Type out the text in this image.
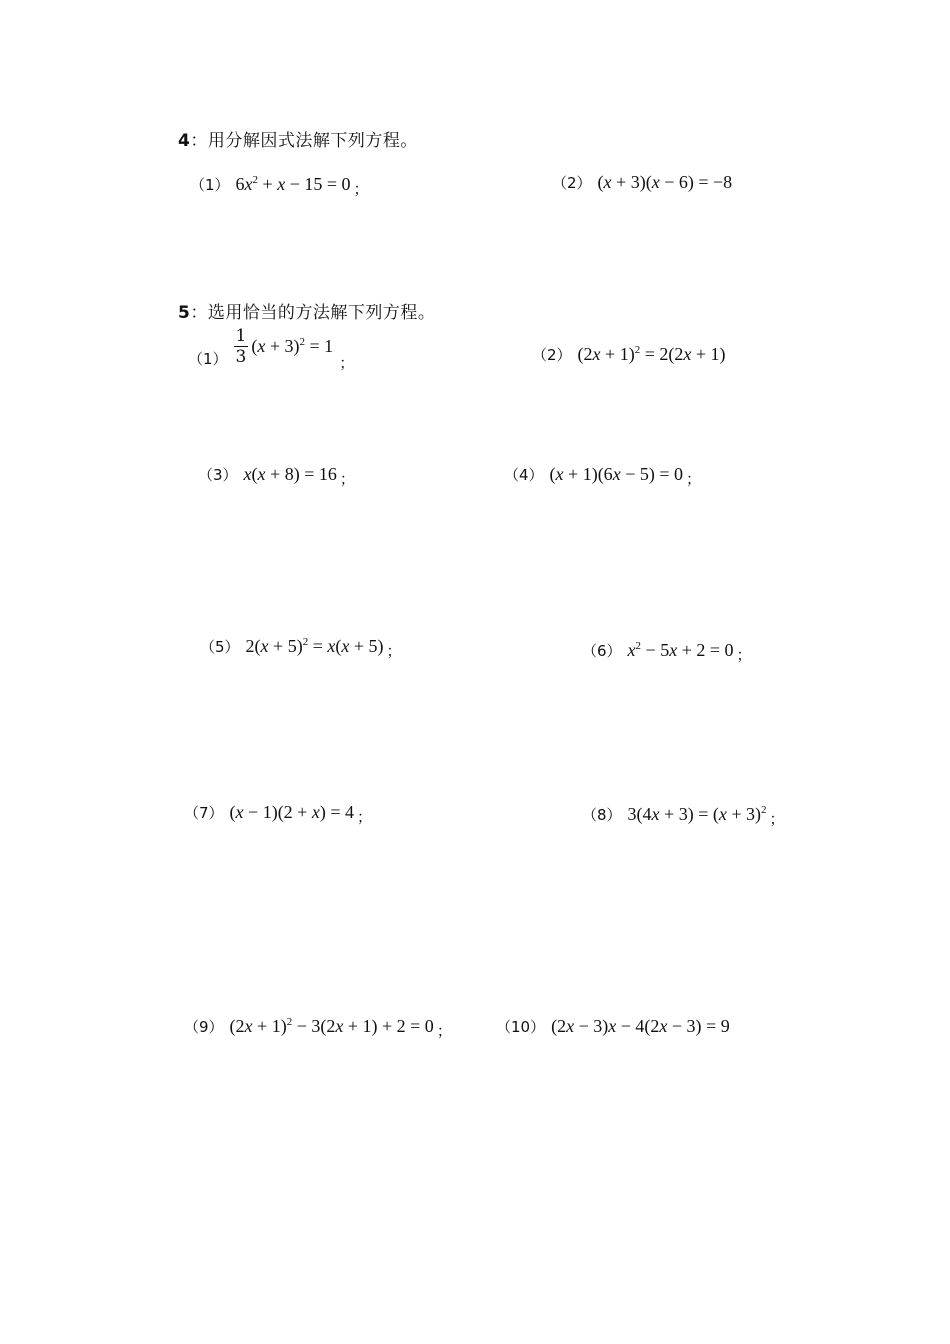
4：用分解因式法解下列方程。
（1） $6x^2 + x - 15 = 0$ ；	（2） (x + 3)(x − 6) = −8
5：选用恰当的方法解下列方程。
$(1) \frac{1}{3} (x + 3)^2 = 1$
；	（2） $(2x + 1)^2 = 2(2x + 1)$
（3） x(x + 8) = 16 ；	（4） (x + 1)(6x − 5) = 0 ；
（5） $2(x + 5)^2 = x(x + 5)$ ；	（6） $x^2 - 5x + 2 = 0$ ；
（7） (x − 1)(2 + x) = 4 ；	（8） $3(4x + 3) = (x + 3)^2$ ；
（9） $(2x + 1)^2 - 3(2x + 1) + 2 = 0$ ；	（10） (2x − 3)x − 4(2x − 3) = 9
